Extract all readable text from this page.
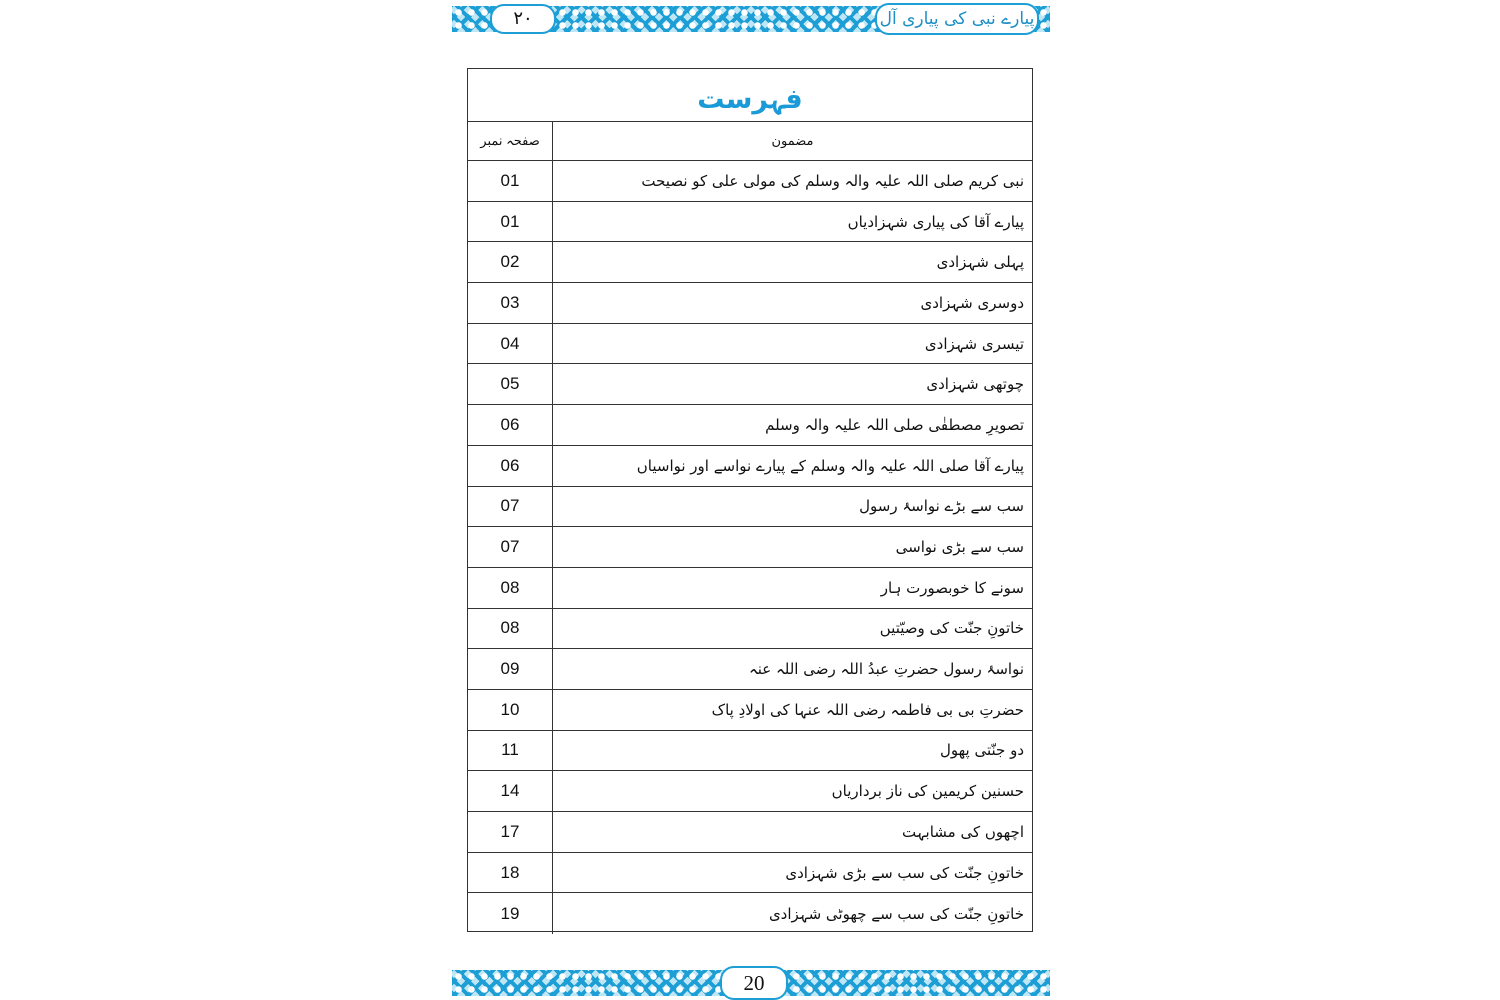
پیارے نبی کی پیاری آل
۲۰
فہرست
صفحہ نمبر	مضمون
01	نبی کریم صلی اللہ علیہ والہ وسلم کی مولی علی کو نصیحت
01	پیارے آقا کی پیاری شہزادیاں
02	پہلی شہزادی
03	دوسری شہزادی
04	تیسری شہزادی
05	چوتھی شہزادی
06	تصویرِ مصطفٰی صلی اللہ علیہ والہ وسلم
06	پیارے آقا صلی اللہ علیہ والہ وسلم کے پیارے نواسے اور نواسیاں
07	سب سے بڑے نواسۂ رسول
07	سب سے بڑی نواسی
08	سونے کا خوبصورت ہار
08	خاتونِ جنّت کی وصیّتیں
09	نواسۂ رسول حضرتِ عبدُ اللہ رضی اللہ عنہ
10	حضرتِ بی بی فاطمہ رضی اللہ عنہا کی اولادِ پاک
11	دو جنّتی پھول
14	حسنین کریمین کی ناز برداریاں
17	اچھوں کی مشابہت
18	خاتونِ جنّت کی سب سے بڑی شہزادی
19	خاتونِ جنّت کی سب سے چھوٹی شہزادی
20
